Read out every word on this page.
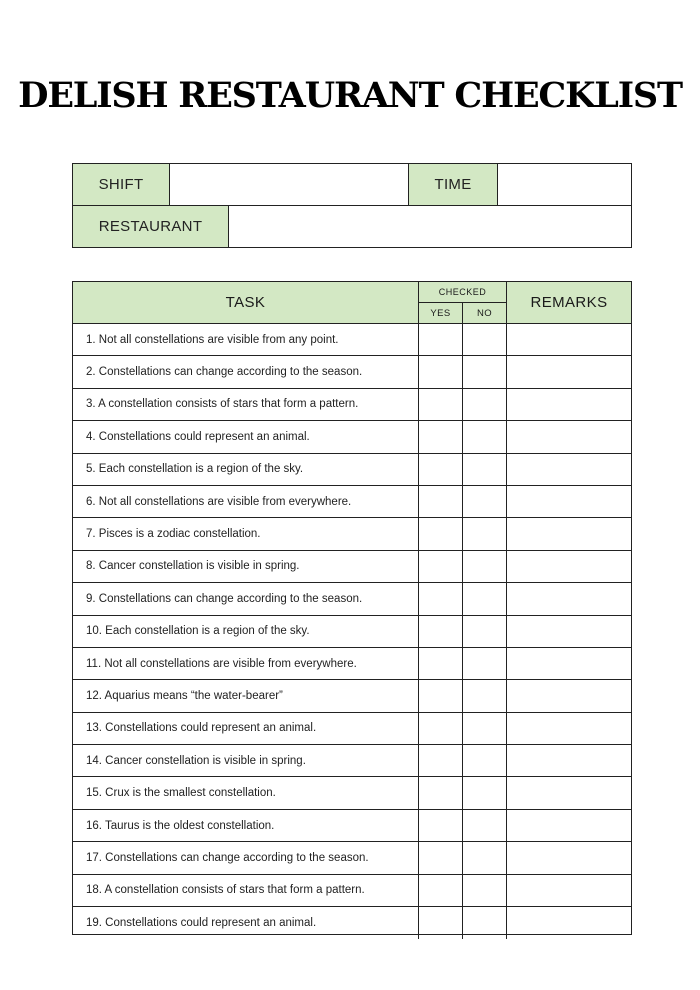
DELISH RESTAURANT CHECKLIST
SHIFT	TIME
RESTAURANT
TASK
CHECKED
YES	NO
REMARKS
1. Not all constellations are visible from any point.
2. Constellations can change according to the season.
3. A constellation consists of stars that form a pattern.
4. Constellations could represent an animal.
5. Each constellation is a region of the sky.
6. Not all constellations are visible from everywhere.
7. Pisces is a zodiac constellation.
8. Cancer constellation is visible in spring.
9. Constellations can change according to the season.
10. Each constellation is a region of the sky.
11. Not all constellations are visible from everywhere.
12. Aquarius means “the water-bearer”
13. Constellations could represent an animal.
14. Cancer constellation is visible in spring.
15. Crux is the smallest constellation.
16. Taurus is the oldest constellation.
17. Constellations can change according to the season.
18. A constellation consists of stars that form a pattern.
19. Constellations could represent an animal.
